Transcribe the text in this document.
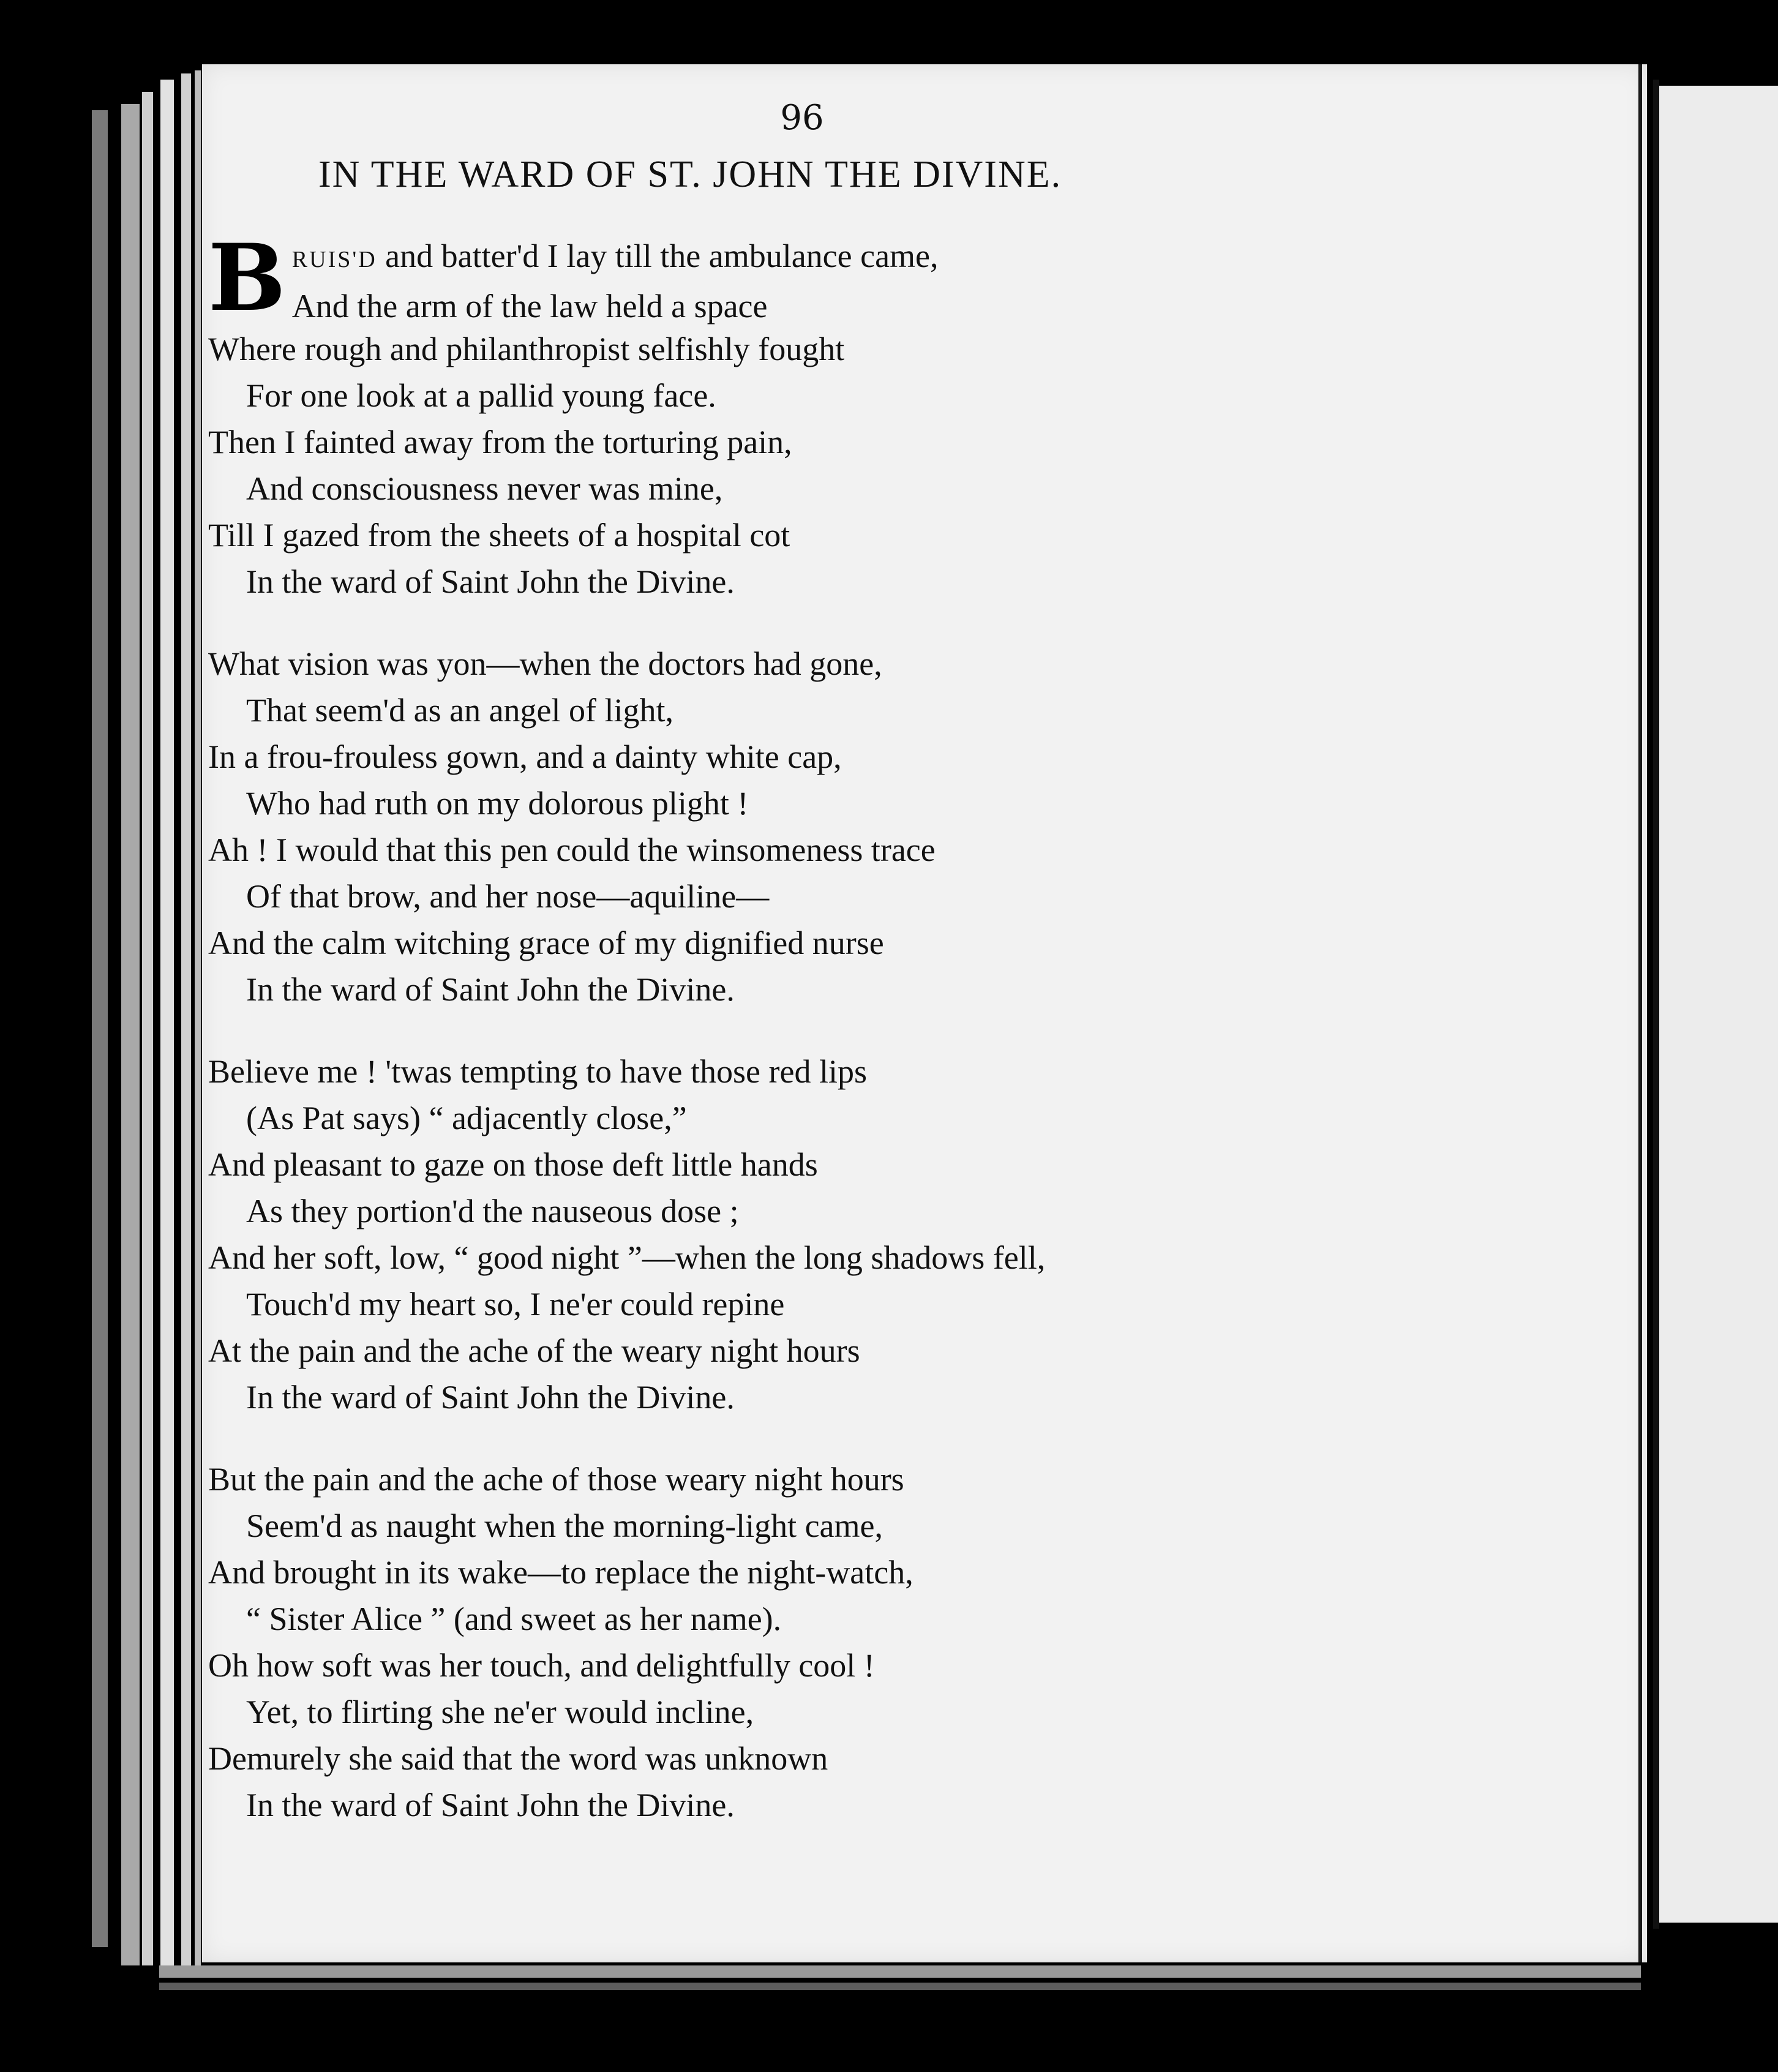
96
IN THE WARD OF ST. JOHN THE DIVINE.
B RUIS'D and batter'd I lay till the ambulance came,
And the arm of the law held a space
Where rough and philanthropist selfishly fought
For one look at a pallid young face.
Then I fainted away from the torturing pain,
And consciousness never was mine,
Till I gazed from the sheets of a hospital cot
In the ward of Saint John the Divine.
What vision was yon—when the doctors had gone,
That seem'd as an angel of light,
In a frou-frouless gown, and a dainty white cap,
Who had ruth on my dolorous plight !
Ah ! I would that this pen could the winsomeness trace
Of that brow, and her nose—aquiline—
And the calm witching grace of my dignified nurse
In the ward of Saint John the Divine.
Believe me ! 'twas tempting to have those red lips
(As Pat says) “ adjacently close,”
And pleasant to gaze on those deft little hands
As they portion'd the nauseous dose ;
And her soft, low, “ good night ”—when the long shadows fell,
Touch'd my heart so, I ne'er could repine
At the pain and the ache of the weary night hours
In the ward of Saint John the Divine.
But the pain and the ache of those weary night hours
Seem'd as naught when the morning-light came,
And brought in its wake—to replace the night-watch,
“ Sister Alice ” (and sweet as her name).
Oh how soft was her touch, and delightfully cool !
Yet, to flirting she ne'er would incline,
Demurely she said that the word was unknown
In the ward of Saint John the Divine.
